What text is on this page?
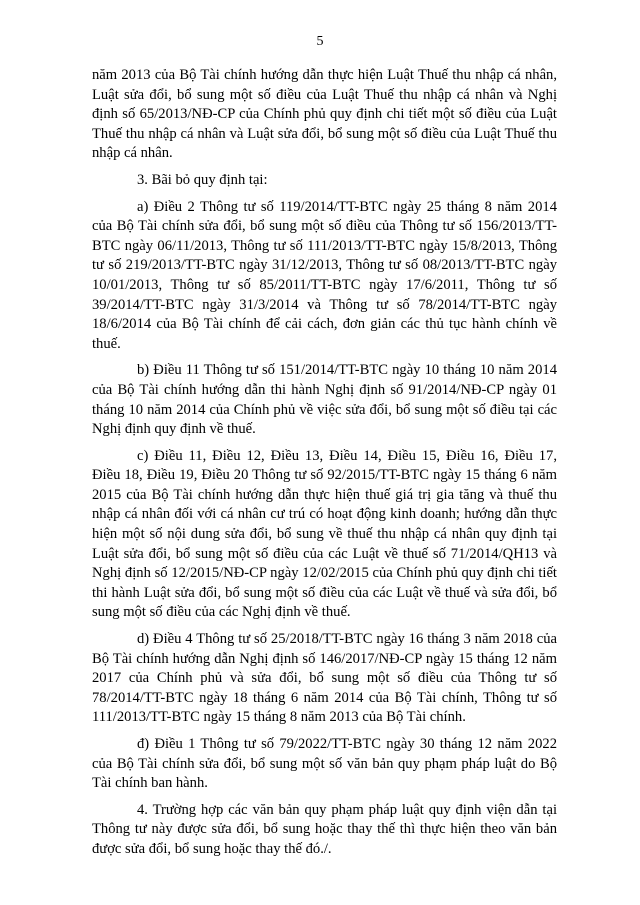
5

năm 2013 của Bộ Tài chính hướng dẫn thực hiện Luật Thuế thu nhập cá nhân, Luật sửa đổi, bổ sung một số điều của Luật Thuế thu nhập cá nhân và Nghị định số 65/2013/NĐ-CP của Chính phủ quy định chi tiết một số điều của Luật Thuế thu nhập cá nhân và Luật sửa đổi, bổ sung một số điều của Luật Thuế thu nhập cá nhân.

3. Bãi bỏ quy định tại:

a) Điều 2 Thông tư số 119/2014/TT-BTC ngày 25 tháng 8 năm 2014 của Bộ Tài chính sửa đổi, bổ sung một số điều của Thông tư số 156/2013/TT-BTC ngày 06/11/2013, Thông tư số 111/2013/TT-BTC ngày 15/8/2013, Thông tư số 219/2013/TT-BTC ngày 31/12/2013, Thông tư số 08/2013/TT-BTC ngày 10/01/2013, Thông tư số 85/2011/TT-BTC ngày 17/6/2011, Thông tư số 39/2014/TT-BTC ngày 31/3/2014 và Thông tư số 78/2014/TT-BTC ngày 18/6/2014 của Bộ Tài chính để cải cách, đơn giản các thủ tục hành chính về thuế.

b) Điều 11 Thông tư số 151/2014/TT-BTC ngày 10 tháng 10 năm 2014 của Bộ Tài chính hướng dẫn thi hành Nghị định số 91/2014/NĐ-CP ngày 01 tháng 10 năm 2014 của Chính phủ về việc sửa đổi, bổ sung một số điều tại các Nghị định quy định về thuế.

c) Điều 11, Điều 12, Điều 13, Điều 14, Điều 15, Điều 16, Điều 17, Điều 18, Điều 19, Điều 20 Thông tư số 92/2015/TT-BTC ngày 15 tháng 6 năm 2015 của Bộ Tài chính hướng dẫn thực hiện thuế giá trị gia tăng và thuế thu nhập cá nhân đối với cá nhân cư trú có hoạt động kinh doanh; hướng dẫn thực hiện một số nội dung sửa đổi, bổ sung về thuế thu nhập cá nhân quy định tại Luật sửa đổi, bổ sung một số điều của các Luật về thuế số 71/2014/QH13 và Nghị định số 12/2015/NĐ-CP ngày 12/02/2015 của Chính phủ quy định chi tiết thi hành Luật sửa đổi, bổ sung một số điều của các Luật về thuế và sửa đổi, bổ sung một số điều của các Nghị định về thuế.

d) Điều 4 Thông tư số 25/2018/TT-BTC ngày 16 tháng 3 năm 2018 của Bộ Tài chính hướng dẫn Nghị định số 146/2017/NĐ-CP ngày 15 tháng 12 năm 2017 của Chính phủ và sửa đổi, bổ sung một số điều của Thông tư số 78/2014/TT-BTC ngày 18 tháng 6 năm 2014 của Bộ Tài chính, Thông tư số 111/2013/TT-BTC ngày 15 tháng 8 năm 2013 của Bộ Tài chính.

đ) Điều 1 Thông tư số 79/2022/TT-BTC ngày 30 tháng 12 năm 2022 của Bộ Tài chính sửa đổi, bổ sung một số văn bản quy phạm pháp luật do Bộ Tài chính ban hành.

4. Trường hợp các văn bản quy phạm pháp luật quy định viện dẫn tại Thông tư này được sửa đổi, bổ sung hoặc thay thế thì thực hiện theo văn bản được sửa đổi, bổ sung hoặc thay thế đó./.
